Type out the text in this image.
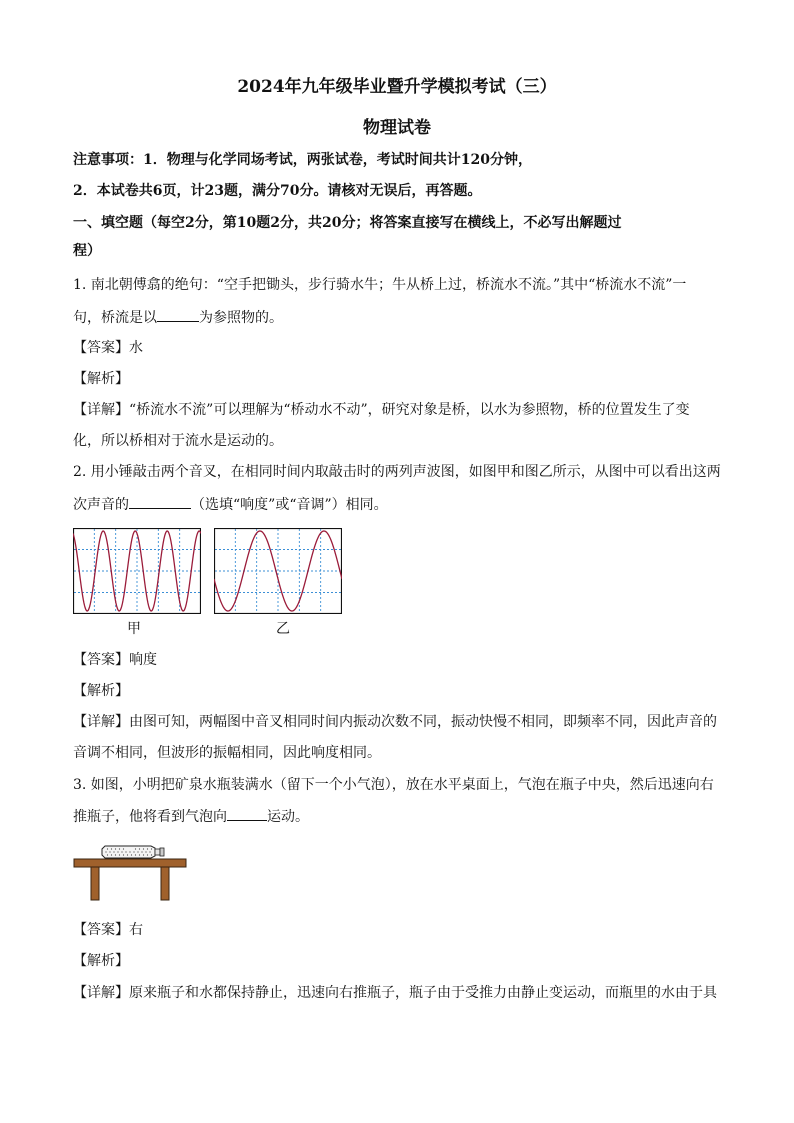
2024年九年级毕业暨升学模拟考试（三）
物理试卷
注意事项：1．物理与化学同场考试，两张试卷，考试时间共计120分钟，
2．本试卷共6页，计23题，满分70分。请核对无误后，再答题。
一、填空题（每空2分，第10题2分，共20分；将答案直接写在横线上，不必写出解题过
程）
1. 南北朝傅翕的绝句：“空手把锄头，步行骑水牛；牛从桥上过，桥流水不流。”其中“桥流水不流”一
句，桥流是以	为参照物的。
【答案】水
【解析】
【详解】“桥流水不流”可以理解为“桥动水不动”，研究对象是桥，以水为参照物，桥的位置发生了变
化，所以桥相对于流水是运动的。
2. 用小锤敲击两个音叉，在相同时间内取敲击时的两列声波图，如图甲和图乙所示，从图中可以看出这两
次声音的	（选填“响度”或“音调”）相同。
甲	乙
【答案】响度
【解析】
【详解】由图可知，两幅图中音叉相同时间内振动次数不同，振动快慢不相同，即频率不同，因此声音的
音调不相同，但波形的振幅相同，因此响度相同。
3. 如图，小明把矿泉水瓶装满水（留下一个小气泡），放在水平桌面上，气泡在瓶子中央，然后迅速向右
推瓶子，他将看到气泡向	运动。
【答案】右
【解析】
【详解】原来瓶子和水都保持静止，迅速向右推瓶子，瓶子由于受推力由静止变运动，而瓶里的水由于具
